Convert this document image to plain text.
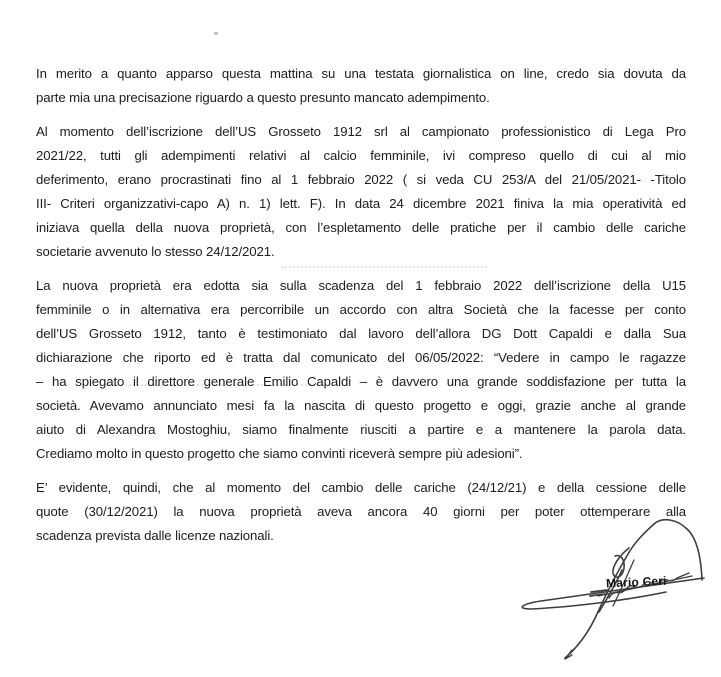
In merito a quanto apparso questa mattina su una testata giornalistica on line, credo sia dovuta da
parte mia una precisazione riguardo a questo presunto mancato adempimento.
Al momento dell’iscrizione dell’US Grosseto 1912 srl al campionato professionistico di Lega Pro
2021/22, tutti gli adempimenti relativi al calcio femminile, ivi compreso quello di cui al mio
deferimento, erano procrastinati fino al 1 febbraio 2022 ( si veda CU 253/A del 21/05/2021- -Titolo
III- Criteri organizzativi-capo A) n. 1) lett. F). In data 24 dicembre 2021 finiva la mia operatività ed
iniziava quella della nuova proprietà, con l’espletamento delle pratiche per il cambio delle cariche
societarie avvenuto lo stesso 24/12/2021.
La nuova proprietà era edotta sia sulla scadenza del 1 febbraio 2022 dell’iscrizione della U15
femminile o in alternativa era percorribile un accordo con altra Società che la facesse per conto
dell’US Grosseto 1912, tanto è testimoniato dal lavoro dell’allora DG Dott Capaldi e dalla Sua
dichiarazione che riporto ed è tratta dal comunicato del 06/05/2022: “Vedere in campo le ragazze
– ha spiegato il direttore generale Emilio Capaldi – è davvero una grande soddisfazione per tutta la
società. Avevamo annunciato mesi fa la nascita di questo progetto e oggi, grazie anche al grande
aiuto di Alexandra Mostoghiu, siamo finalmente riusciti a partire e a mantenere la parola data.
Crediamo molto in questo progetto che siamo convinti riceverà sempre più adesioni”.
E’ evidente, quindi, che al momento del cambio delle cariche (24/12/21) e della cessione delle
quote (30/12/2021) la nuova proprietà aveva ancora 40 giorni per poter ottemperare alla
scadenza prevista dalle licenze nazionali.
Mario Ceri
